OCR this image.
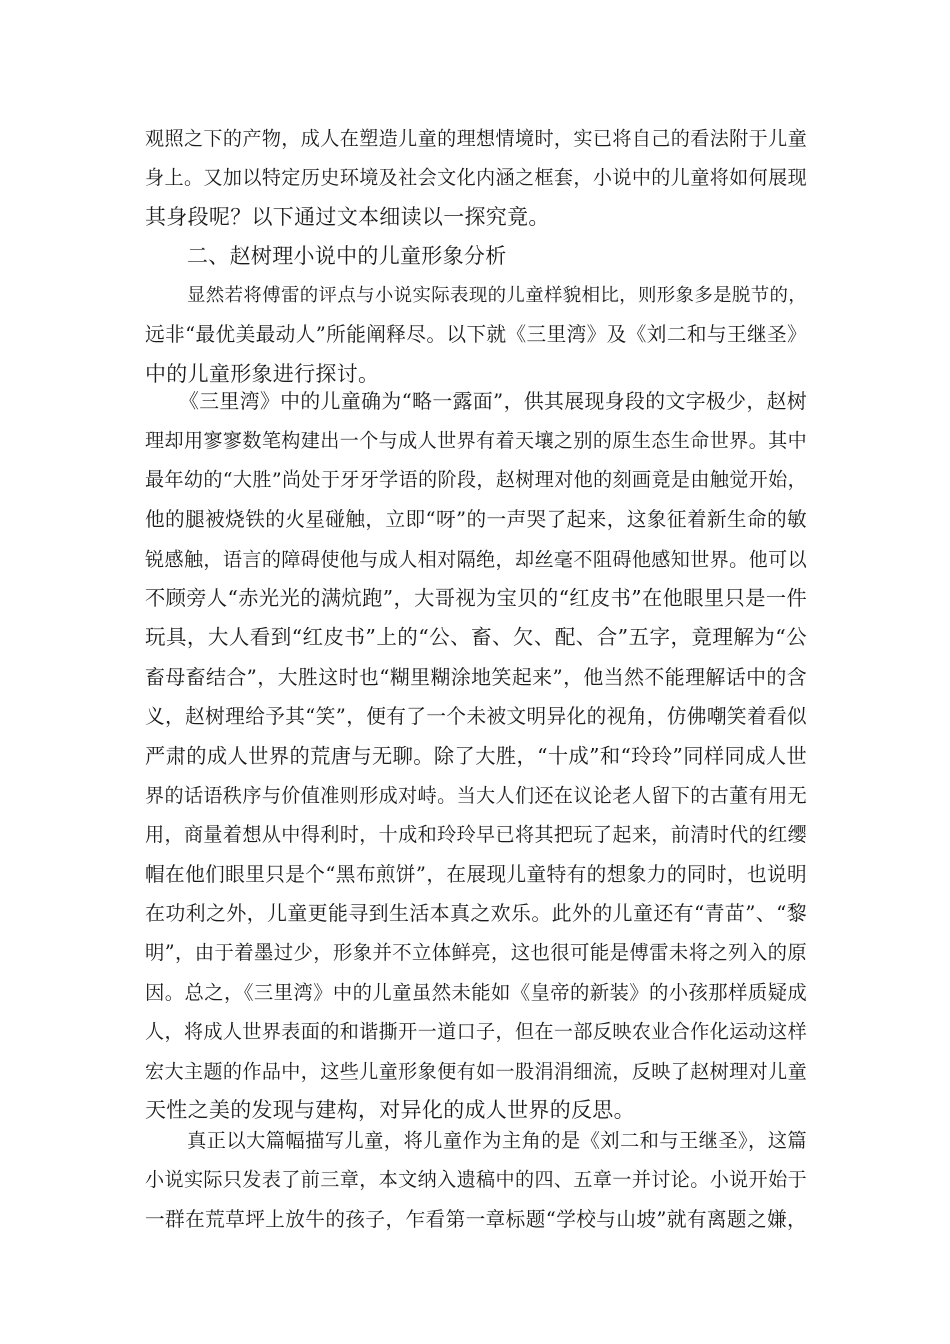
观照之下的产物，成人在塑造儿童的理想情境时，实已将自己的看法附于儿童
身上。又加以特定历史环境及社会文化内涵之框套，小说中的儿童将如何展现
其身段呢？以下通过文本细读以一探究竟。
二、赵树理小说中的儿童形象分析
显然若将傅雷的评点与小说实际表现的儿童样貌相比，则形象多是脱节的，
远非“最优美最动人”所能阐释尽。以下就《三里湾》及《刘二和与王继圣》
中的儿童形象进行探讨。
《三里湾》中的儿童确为“略一露面”，供其展现身段的文字极少，赵树
理却用寥寥数笔构建出一个与成人世界有着天壤之别的原生态生命世界。其中
最年幼的“大胜”尚处于牙牙学语的阶段，赵树理对他的刻画竟是由触觉开始，
他的腿被烧铁的火星碰触，立即“呀”的一声哭了起来，这象征着新生命的敏
锐感触，语言的障碍使他与成人相对隔绝，却丝毫不阻碍他感知世界。他可以
不顾旁人“赤光光的满炕跑”，大哥视为宝贝的“红皮书”在他眼里只是一件
玩具，大人看到“红皮书”上的“公、畜、欠、配、合”五字，竟理解为“公
畜母畜结合”，大胜这时也“糊里糊涂地笑起来”，他当然不能理解话中的含
义，赵树理给予其“笑”，便有了一个未被文明异化的视角，仿佛嘲笑着看似
严肃的成人世界的荒唐与无聊。除了大胜，“十成”和“玲玲”同样同成人世
界的话语秩序与价值准则形成对峙。当大人们还在议论老人留下的古董有用无
用，商量着想从中得利时，十成和玲玲早已将其把玩了起来，前清时代的红缨
帽在他们眼里只是个“黑布煎饼”，在展现儿童特有的想象力的同时，也说明
在功利之外，儿童更能寻到生活本真之欢乐。此外的儿童还有“青苗”、“黎
明”，由于着墨过少，形象并不立体鲜亮，这也很可能是傅雷未将之列入的原
因。总之，《三里湾》中的儿童虽然未能如《皇帝的新装》的小孩那样质疑成
人，将成人世界表面的和谐撕开一道口子，但在一部反映农业合作化运动这样
宏大主题的作品中，这些儿童形象便有如一股涓涓细流，反映了赵树理对儿童
天性之美的发现与建构，对异化的成人世界的反思。
真正以大篇幅描写儿童，将儿童作为主角的是《刘二和与王继圣》，这篇
小说实际只发表了前三章，本文纳入遗稿中的四、五章一并讨论。小说开始于
一群在荒草坪上放牛的孩子，乍看第一章标题“学校与山坡”就有离题之嫌，
